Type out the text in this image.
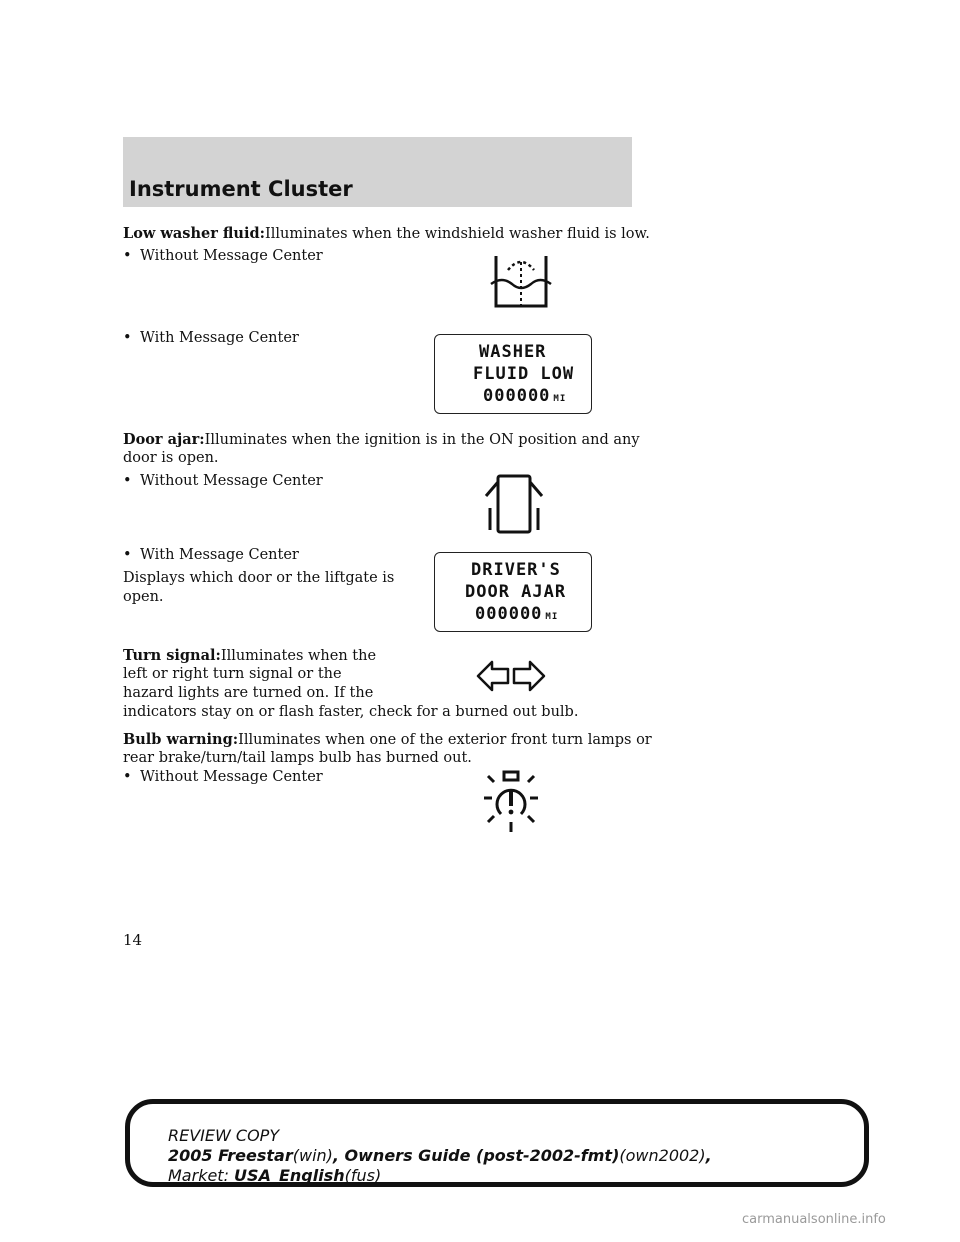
Instrument Cluster
Low washer fluid:Illuminates when the windshield washer fluid is low.
• Without Message Center
• With Message Center
WASHER
FLUID LOW
000000 MI
Door ajar:Illuminates when the ignition is in the ON position and any
door is open.
• Without Message Center
• With Message Center
Displays which door or the liftgate is
open.
DRIVER'S
DOOR AJAR
000000 MI
Turn signal:Illuminates when the
left or right turn signal or the
hazard lights are turned on. If the
indicators stay on or flash faster, check for a burned out bulb.
Bulb warning:Illuminates when one of the exterior front turn lamps or
rear brake/turn/tail lamps bulb has burned out.
• Without Message Center
14
REVIEW COPY
2005 Freestar(win), Owners Guide (post-2002-fmt)(own2002),
Market: USA_English(fus)
carmanualsonline.info
